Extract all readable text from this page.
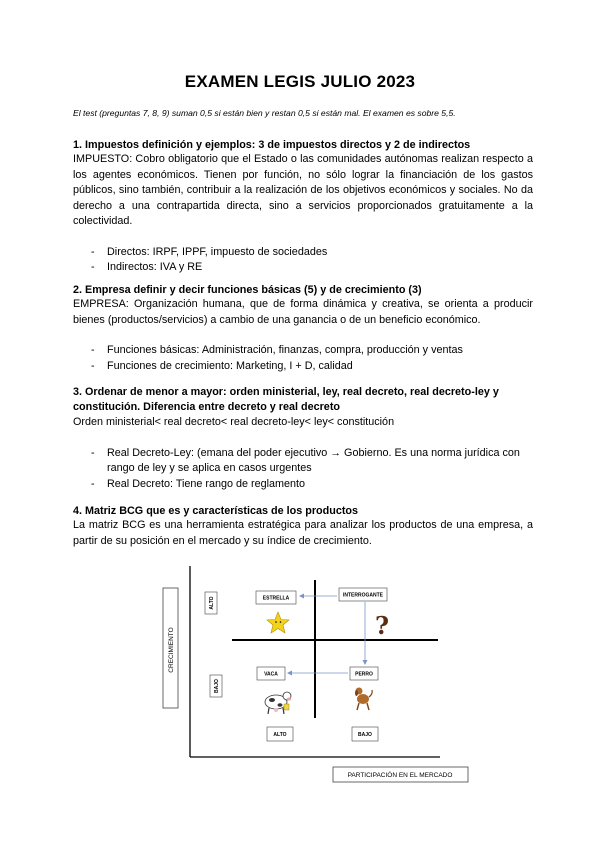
EXAMEN LEGIS JULIO 2023

El test (preguntas 7, 8, 9) suman 0,5 si están bien y restan 0,5 si están mal. El examen es sobre 5,5.

1. Impuestos definición y ejemplos: 3 de impuestos directos y 2 de indirectos

IMPUESTO: Cobro obligatorio que el Estado o las comunidades autónomas realizan respecto a los agentes económicos. Tienen por función, no sólo lograr la financiación de los gastos públicos, sino también, contribuir a la realización de los objetivos económicos y sociales. No da derecho a una contrapartida directa, sino a servicios proporcionados gratuitamente a la colectividad.

- Directos: IRPF, IPPF, impuesto de sociedades
- Indirectos: IVA y RE
2. Empresa definir y decir funciones básicas (5) y de crecimiento (3)

EMPRESA: Organización humana, que de forma dinámica y creativa, se orienta a producir bienes (productos/servicios) a cambio de una ganancia o de un beneficio económico.

- Funciones básicas: Administración, finanzas, compra, producción y ventas
- Funciones de crecimiento: Marketing, I + D, calidad
3. Ordenar de menor a mayor: orden ministerial, ley, real decreto, real decreto-ley y constitución. Diferencia entre decreto y real decreto

Orden ministerial< real decreto< real decreto-ley< ley< constitución

- Real Decreto-Ley: (emana del poder ejecutivo → Gobierno. Es una norma jurídica con rango de ley y se aplica en casos urgentes
- Real Decreto: Tiene rango de reglamento
4. Matriz BCG que es y características de los productos

La matriz BCG es una herramienta estratégica para analizar los productos de una empresa, a partir de su posición en el mercado y su índice de crecimiento.

CRECIMIENTO
ALTO
BAJO
ESTRELLA	INTERROGANTE
VACA	PERRO
?
ALTO	BAJO
PARTICIPACIÓN EN EL MERCADO
